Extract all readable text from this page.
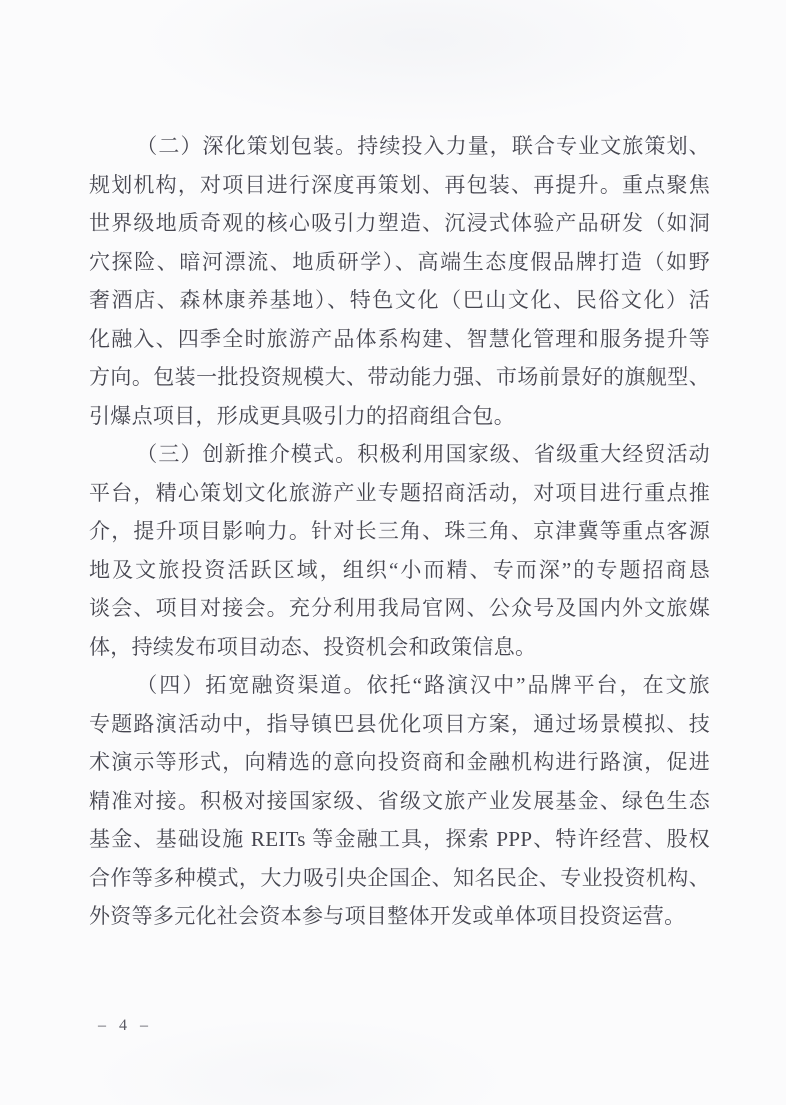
（二）深化策划包装。持续投入力量，联合专业文旅策划、
规划机构，对项目进行深度再策划、再包装、再提升。重点聚焦
世界级地质奇观的核心吸引力塑造、沉浸式体验产品研发（如洞
穴探险、暗河漂流、地质研学）、高端生态度假品牌打造（如野
奢酒店、森林康养基地）、特色文化（巴山文化、民俗文化）活
化融入、四季全时旅游产品体系构建、智慧化管理和服务提升等
方向。包装一批投资规模大、带动能力强、市场前景好的旗舰型、
引爆点项目，形成更具吸引力的招商组合包。
（三）创新推介模式。积极利用国家级、省级重大经贸活动
平台，精心策划文化旅游产业专题招商活动，对项目进行重点推
介，提升项目影响力。针对长三角、珠三角、京津冀等重点客源
地及文旅投资活跃区域，组织“小而精、专而深”的专题招商恳
谈会、项目对接会。充分利用我局官网、公众号及国内外文旅媒
体，持续发布项目动态、投资机会和政策信息。
（四）拓宽融资渠道。依托“路演汉中”品牌平台，在文旅
专题路演活动中，指导镇巴县优化项目方案，通过场景模拟、技
术演示等形式，向精选的意向投资商和金融机构进行路演，促进
精准对接。积极对接国家级、省级文旅产业发展基金、绿色生态
基金、基础设施 REITs 等金融工具，探索 PPP、特许经营、股权
合作等多种模式，大力吸引央企国企、知名民企、专业投资机构、
外资等多元化社会资本参与项目整体开发或单体项目投资运营。
– 4 –
